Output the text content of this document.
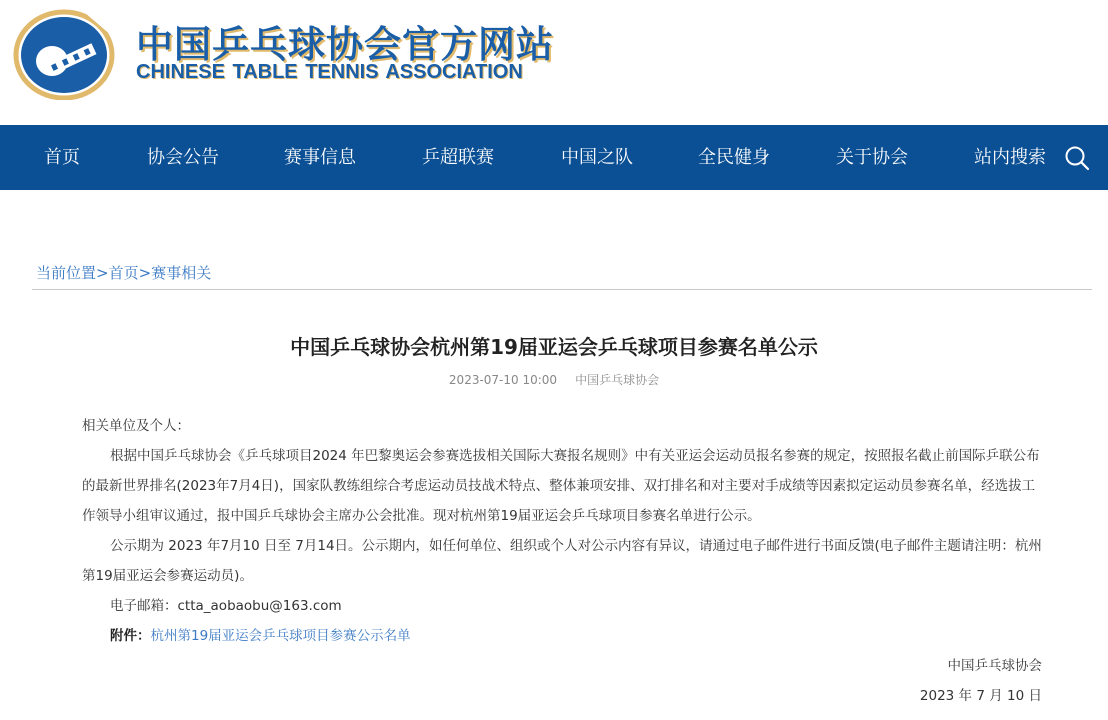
中国乒乓球协会官方网站
CHINESE TABLE TENNIS ASSOCIATION
首页	协会公告	赛事信息	乒超联赛	中国之队	全民健身	关于协会	站内搜索
当前位置>首页>赛事相关
中国乒乓球协会杭州第19届亚运会乒乓球项目参赛名单公示
2023-07-10 10:00 中国乒乓球协会
相关单位及个人：
根据中国乒乓球协会《乒乓球项目2024 年巴黎奥运会参赛选拔相关国际大赛报名规则》中有关亚运会运动员报名参赛的规定，按照报名截止前国际乒联公布的最新世界排名(2023年7月4日)，国家队教练组综合考虑运动员技战术特点、整体兼项安排、双打排名和对主要对手成绩等因素拟定运动员参赛名单，经选拔工作领导小组审议通过，报中国乒乓球协会主席办公会批准。现对杭州第19届亚运会乒乓球项目参赛名单进行公示。
公示期为 2023 年7月10 日至 7月14日。公示期内，如任何单位、组织或个人对公示内容有异议，请通过电子邮件进行书面反馈(电子邮件主题请注明：杭州第19届亚运会参赛运动员)。
电子邮箱：ctta_aobaobu@163.com
附件：杭州第19届亚运会乒乓球项目参赛公示名单
中国乒乓球协会
2023 年 7 月 10 日
